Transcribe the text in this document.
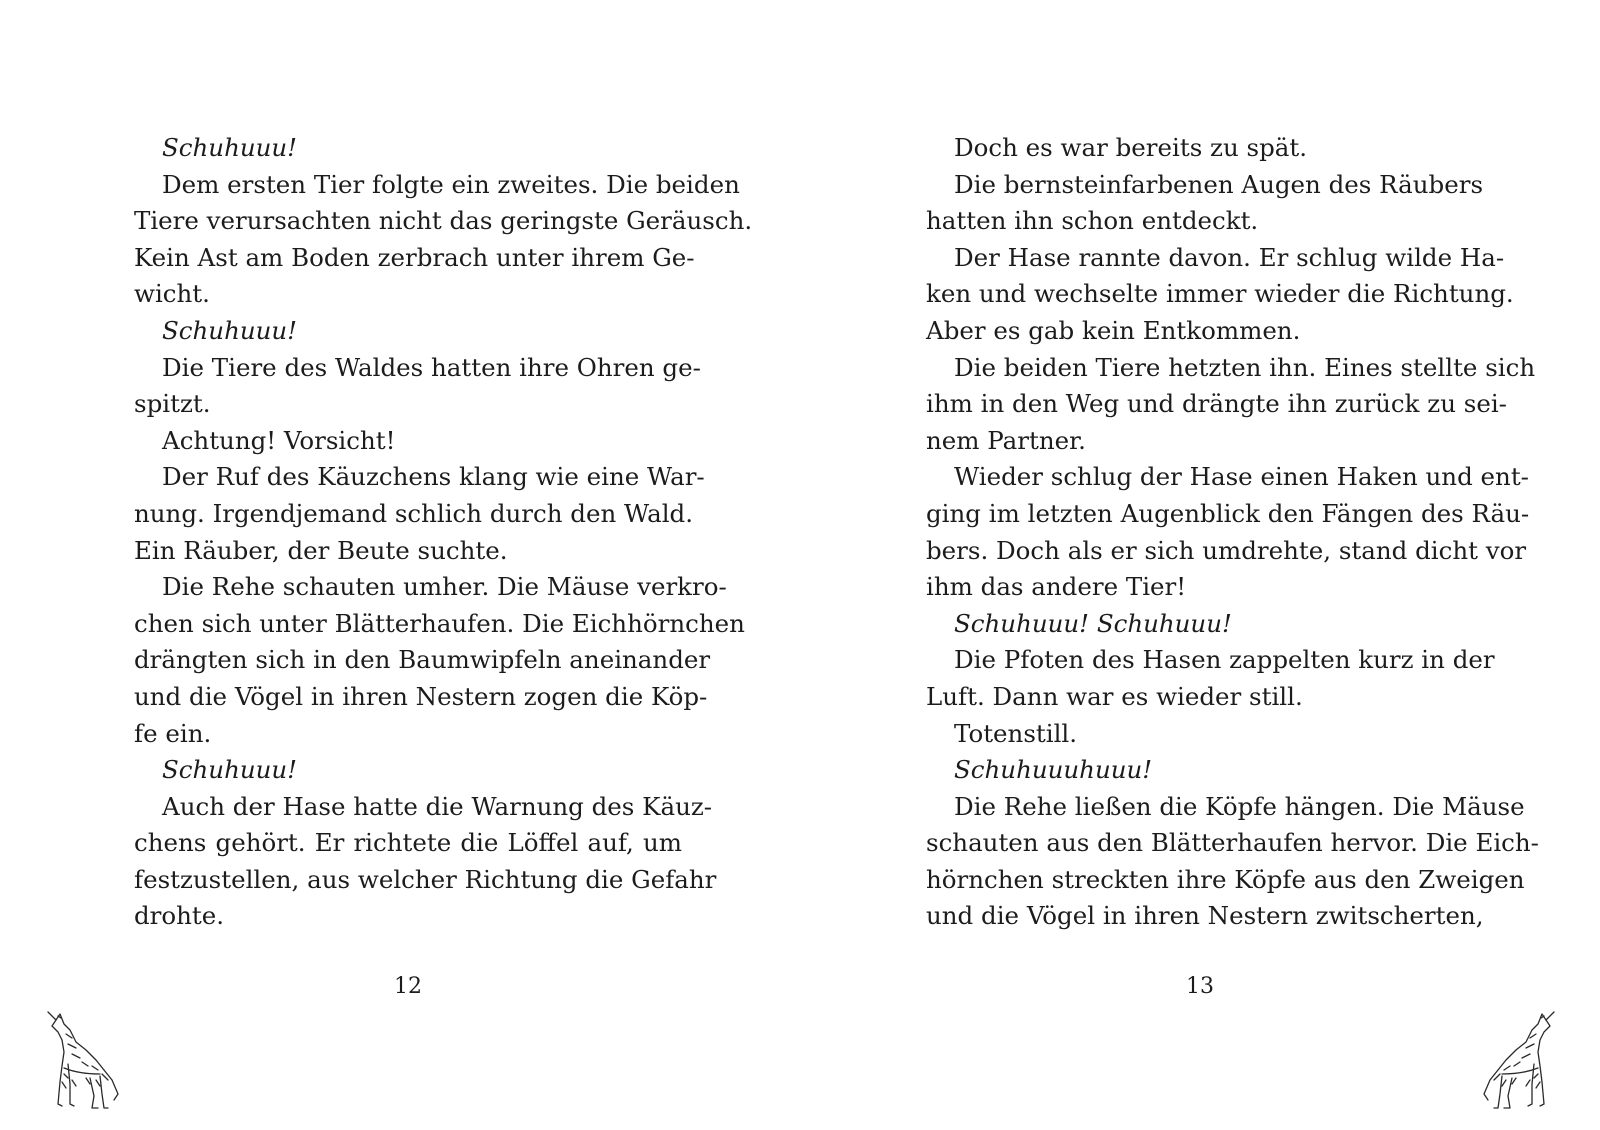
Schuhuuu!
Dem ersten Tier folgte ein zweites. Die beiden
Tiere verursachten nicht das geringste Geräusch.
Kein Ast am Boden zerbrach unter ihrem Ge-
wicht.
Schuhuuu!
Die Tiere des Waldes hatten ihre Ohren ge-
spitzt.
Achtung! Vorsicht!
Der Ruf des Käuzchens klang wie eine War-
nung. Irgendjemand schlich durch den Wald.
Ein Räuber, der Beute suchte.
Die Rehe schauten umher. Die Mäuse verkro-
chen sich unter Blätterhaufen. Die Eichhörnchen
drängten sich in den Baumwipfeln aneinander
und die Vögel in ihren Nestern zogen die Köp-
fe ein.
Schuhuuu!
Auch der Hase hatte die Warnung des Käuz-
chens gehört. Er richtete die Löffel auf, um
festzustellen, aus welcher Richtung die Gefahr
drohte.
Doch es war bereits zu spät.
Die bernsteinfarbenen Augen des Räubers
hatten ihn schon entdeckt.
Der Hase rannte davon. Er schlug wilde Ha-
ken und wechselte immer wieder die Richtung.
Aber es gab kein Entkommen.
Die beiden Tiere hetzten ihn. Eines stellte sich
ihm in den Weg und drängte ihn zurück zu sei-
nem Partner.
Wieder schlug der Hase einen Haken und ent-
ging im letzten Augenblick den Fängen des Räu-
bers. Doch als er sich umdrehte, stand dicht vor
ihm das andere Tier!
Schuhuuu! Schuhuuu!
Die Pfoten des Hasen zappelten kurz in der
Luft. Dann war es wieder still.
Totenstill.
Schuhuuuhuuu!
Die Rehe ließen die Köpfe hängen. Die Mäuse
schauten aus den Blätterhaufen hervor. Die Eich-
hörnchen streckten ihre Köpfe aus den Zweigen
und die Vögel in ihren Nestern zwitscherten,
12	13
